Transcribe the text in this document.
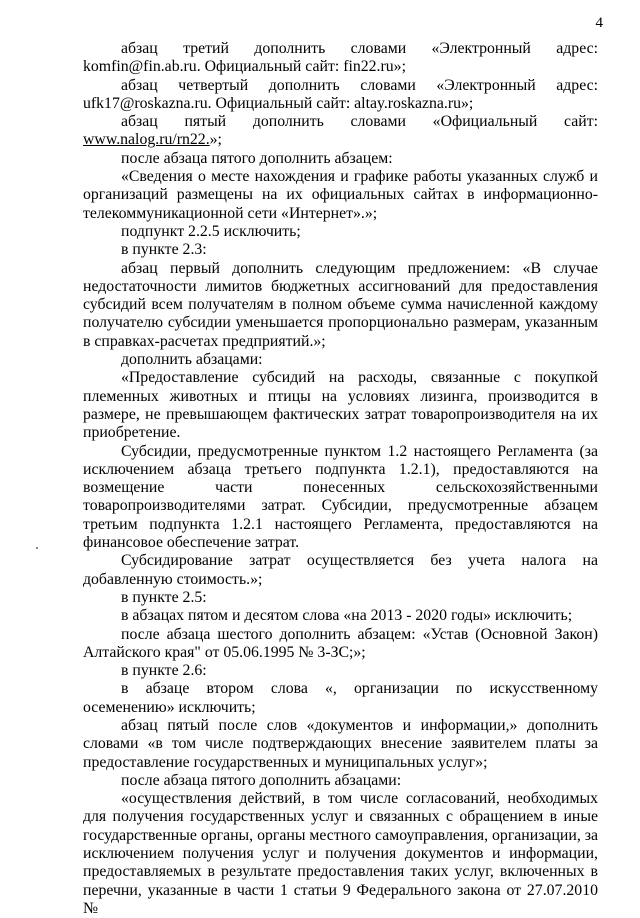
4

абзац третий дополнить словами «Электронный адрес: komfin@fin.ab.ru. Официальный сайт: fin22.ru»;

абзац четвертый дополнить словами «Электронный адрес: ufk17@roskazna.ru. Официальный сайт: altay.roskazna.ru»;

абзац пятый дополнить словами «Официальный сайт:

www.nalog.ru/rn22.»;

после абзаца пятого дополнить абзацем:

«Сведения о месте нахождения и графике работы указанных служб и организаций размещены на их официальных сайтах в информационно-телекоммуникационной сети «Интернет».»;

подпункт 2.2.5 исключить;

в пункте 2.3:

абзац первый дополнить следующим предложением: «В случае недостаточности лимитов бюджетных ассигнований для предоставления субсидий всем получателям в полном объеме сумма начисленной каждому получателю субсидии уменьшается пропорционально размерам, указанным в справках-расчетах предприятий.»;

дополнить абзацами:

«Предоставление субсидий на расходы, связанные с покупкой племенных животных и птицы на условиях лизинга, производится в размере, не превышающем фактических затрат товаропроизводителя на их приобретение.

Субсидии, предусмотренные пунктом 1.2 настоящего Регламента (за исключением абзаца третьего подпункта 1.2.1), предоставляются на возмещение части понесенных сельскохозяйственными товаропроизводителями затрат. Субсидии, предусмотренные абзацем третьим подпункта 1.2.1 настоящего Регламента, предоставляются на финансовое обеспечение затрат.

Субсидирование затрат осуществляется без учета налога на добавленную стоимость.»;

в пункте 2.5:

в абзацах пятом и десятом слова «на 2013 - 2020 годы» исключить;

после абзаца шестого дополнить абзацем: «Устав (Основной Закон) Алтайского края" от 05.06.1995 № 3-ЗС;»;

в пункте 2.6:

в абзаце втором слова «, организации по искусственному осеменению» исключить;

абзац пятый после слов «документов и информации,» дополнить словами «в том числе подтверждающих внесение заявителем платы за предоставление государственных и муниципальных услуг»;

после абзаца пятого дополнить абзацами:

«осуществления действий, в том числе согласований, необходимых для получения государственных услуг и связанных с обращением в иные государственные органы, органы местного самоуправления, организации, за исключением получения услуг и получения документов и информации, предоставляемых в результате предоставления таких услуг, включенных в перечни, указанные в части 1 статьи 9 Федерального закона от 27.07.2010 №
